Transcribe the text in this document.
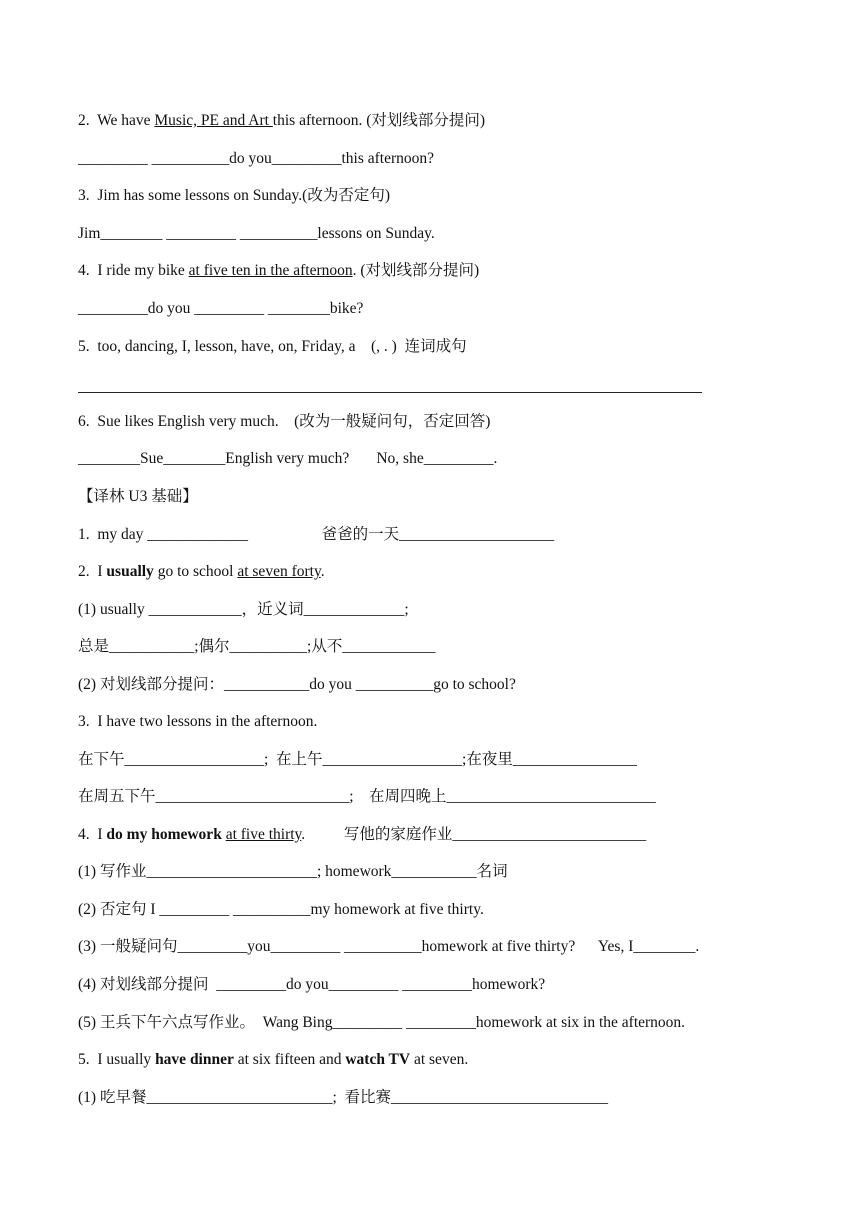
2.  We have Music, PE and Art this afternoon. (对划线部分提问)
_________ __________do you_________this afternoon?
3.  Jim has some lessons on Sunday.(改为否定句)
Jim________ _________ __________lessons on Sunday.
4.  I ride my bike at five ten in the afternoon. (对划线部分提问)
_________do you _________ ________bike?
5.  too, dancing, I, lesson, have, on, Friday, a    (, . )  连词成句
6.  Sue likes English very much.    (改为一般疑问句，否定回答)
________Sue________English very much?       No, she_________.
【译林 U3 基础】
1.  my day _____________                   爸爸的一天____________________
2.  I usually go to school at seven forty.
(1) usually ____________，近义词_____________;
总是___________;偶尔__________;从不____________
(2) 对划线部分提问：___________do you __________go to school?
3.  I have two lessons in the afternoon.
在下午__________________;  在上午__________________;在夜里________________
在周五下午_________________________;    在周四晚上___________________________
4.  I do my homework at five thirty.          写他的家庭作业_________________________
(1) 写作业______________________; homework___________名词
(2) 否定句 I _________ __________my homework at five thirty.
(3) 一般疑问句_________you_________ __________homework at five thirty?      Yes, I________.
(4) 对划线部分提问  _________do you_________ _________homework?
(5) 王兵下午六点写作业。  Wang Bing_________ _________homework at six in the afternoon.
5.  I usually have dinner at six fifteen and watch TV at seven.
(1) 吃早餐________________________;  看比赛____________________________
